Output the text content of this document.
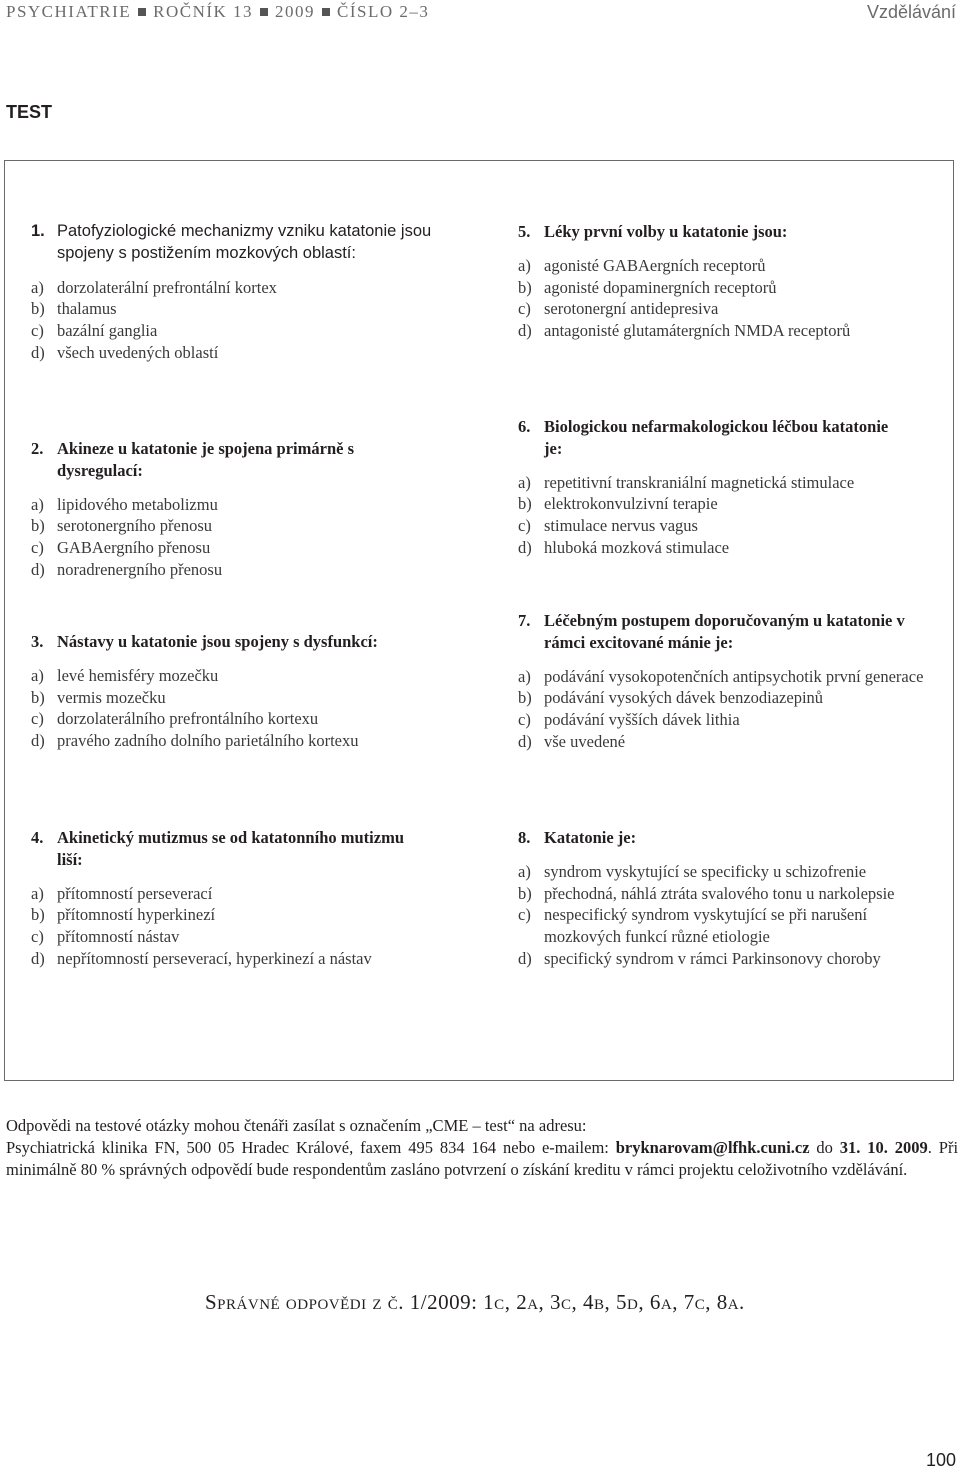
PSYCHIATRIE ROČNÍK 13 2009 ČÍSLO 2–3	Vzdělávání
TEST
1. Patofyziologické mechanizmy vzniku katatonie jsou spojeny s postižením mozkových oblastí:
a) dorzolaterální prefrontální kortex
b) thalamus
c) bazální ganglia
d) všech uvedených oblastí
2. Akineze u katatonie je spojena primárně s dysregulací:
a) lipidového metabolizmu
b) serotonergního přenosu
c) GABAergního přenosu
d) noradrenergního přenosu
3. Nástavy u katatonie jsou spojeny s dysfunkcí:
a) levé hemisféry mozečku
b) vermis mozečku
c) dorzolaterálního prefrontálního kortexu
d) pravého zadního dolního parietálního kortexu
4. Akinetický mutizmus se od katatonního mutizmu liší:
a) přítomností perseverací
b) přítomností hyperkinezí
c) přítomností nástav
d) nepřítomností perseverací, hyperkinezí a nástav
5. Léky první volby u katatonie jsou:
a) agonisté GABAergních receptorů
b) agonisté dopaminergních receptorů
c) serotonergní antidepresiva
d) antagonisté glutamátergních NMDA receptorů
6. Biologickou nefarmakologickou léčbou katatonie je:
a) repetitivní transkraniální magnetická stimulace
b) elektrokonvulzivní terapie
c) stimulace nervus vagus
d) hluboká mozková stimulace
7. Léčebným postupem doporučovaným u katatonie v rámci excitované mánie je:
a) podávání vysokopotenčních antipsychotik první generace
b) podávání vysokých dávek benzodiazepinů
c) podávání vyšších dávek lithia
d) vše uvedené
8. Katatonie je:
a) syndrom vyskytující se specificky u schizofrenie
b) přechodná, náhlá ztráta svalového tonu u narkolepsie
c) nespecifický syndrom vyskytující se při narušení mozkových funkcí různé etiologie
d) specifický syndrom v rámci Parkinsonovy choroby

Odpovědi na testové otázky mohou čtenáři zasílat s označením „CME – test“ na adresu:

Psychiatrická klinika FN, 500 05 Hradec Králové, faxem 495 834 164 nebo e-mailem: bryknarovam@lfhk.cuni.cz do 31. 10. 2009. Při minimálně 80 % správných odpovědí bude respondentům zasláno potvrzení o získání kreditu v rámci projektu celoživotního vzdělávání.

Správné odpovědi z č. 1/2009: 1c, 2a, 3c, 4b, 5d, 6a, 7c, 8a.
100
